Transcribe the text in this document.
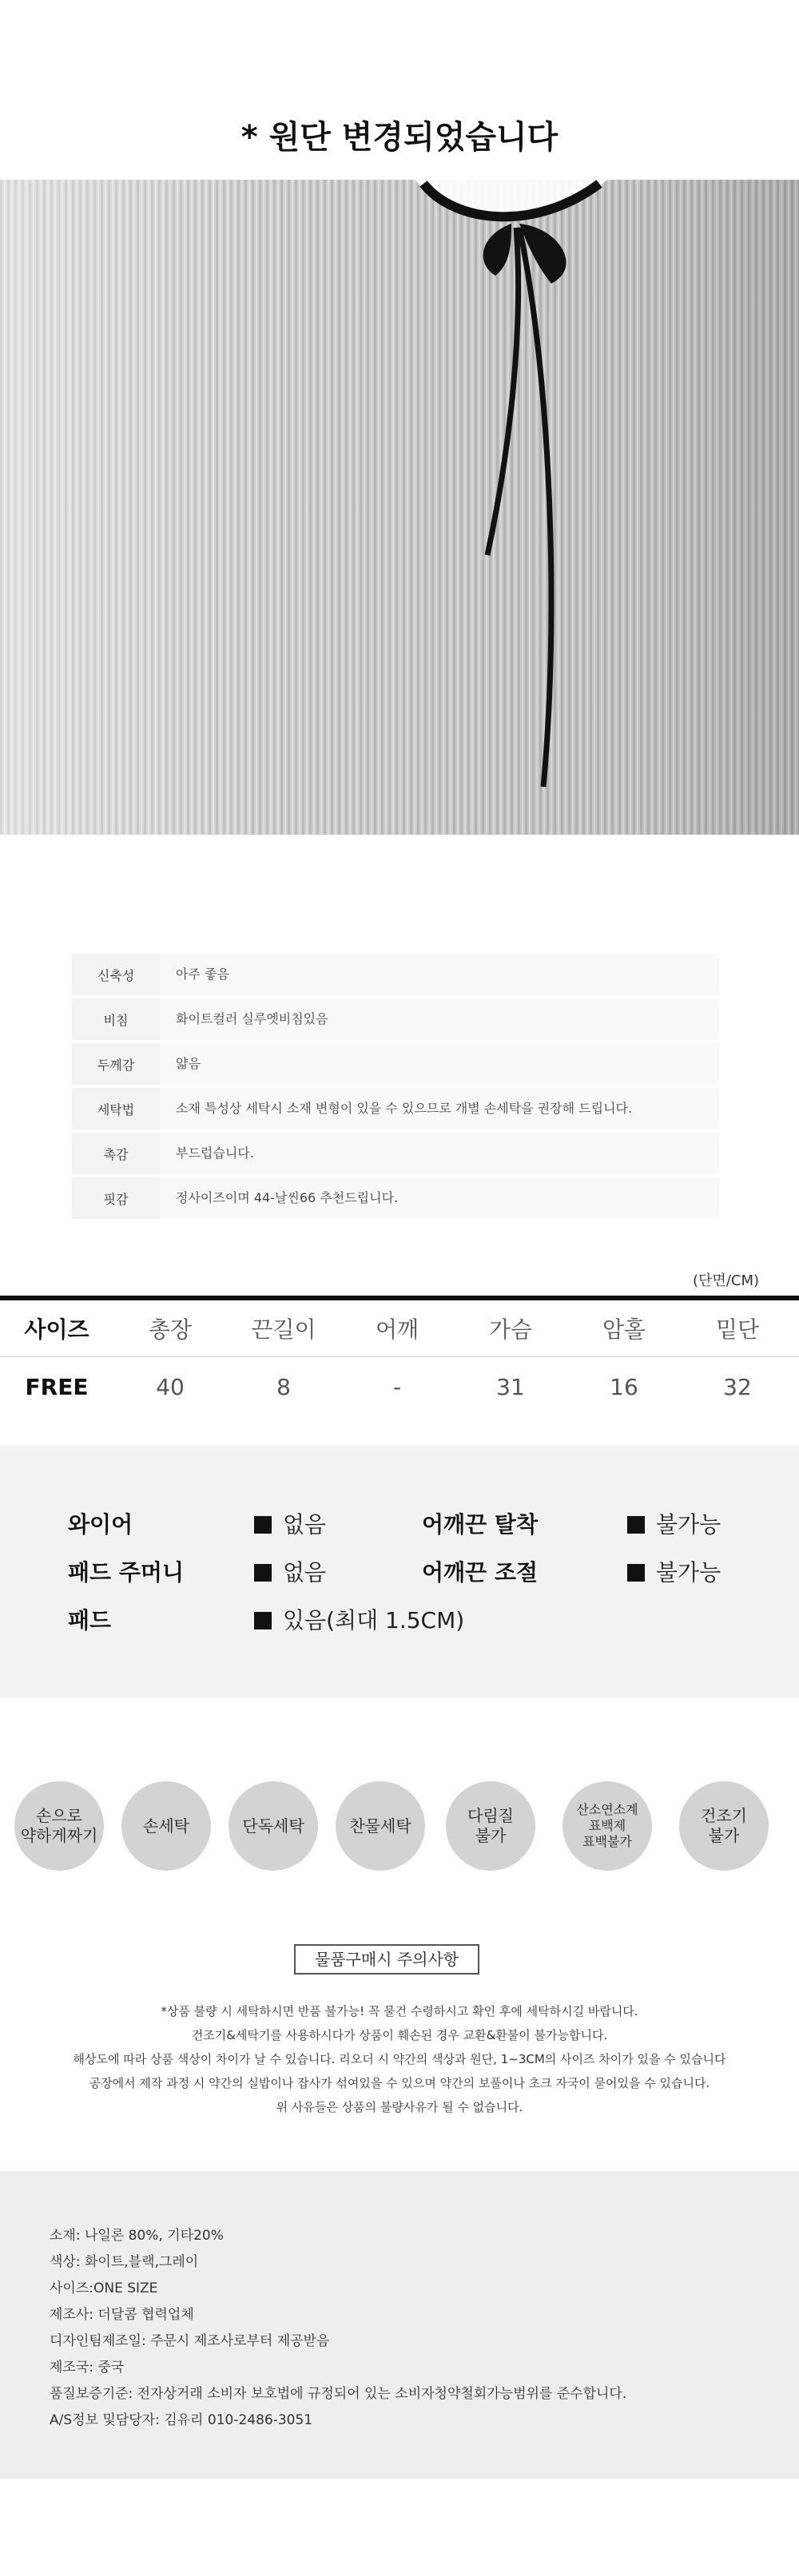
* 원단 변경되었습니다
신축성	아주 좋음
비침	화이트컬러 실루엣비침있음
두께감	얇음
세탁법	소재 특성상 세탁시 소재 변형이 있을 수 있으므로 개별 손세탁을 권장해 드립니다.
촉감	부드럽습니다.
핏감	정사이즈이며 44-날씬66 추천드립니다.
(단면/CM)
사이즈	총장	끈길이	어깨	가슴	암홀	밑단
FREE	40	8	-	31	16	32
와이어	없음	어깨끈 탈착	불가능
패드 주머니	없음	어깨끈 조절	불가능
패드	있음(최대 1.5CM)
손으로
약하게짜기
손세탁	단독세탁	찬물세탁
다림질
불가
산소연소계
표백제
표백불가
건조기
불가
물품구매시 주의사항
*상품 불량 시 세탁하시면 반품 불가능! 꼭 물건 수령하시고 확인 후에 세탁하시길 바랍니다.
건조기&세탁기를 사용하시다가 상품이 훼손된 경우 교환&환불이 불가능합니다.
해상도에 따라 상품 색상이 차이가 날 수 있습니다. 리오더 시 약간의 색상과 원단, 1~3CM의 사이즈 차이가 있을 수 있습니다
공장에서 제작 과정 시 약간의 실밥이나 잡사가 섞여있을 수 있으며 약간의 보풀이나 초크 자국이 묻어있을 수 있습니다.
위 사유들은 상품의 불량사유가 될 수 없습니다.
소재: 나일론 80%, 기타20%
색상: 화이트,블랙,그레이
사이즈:ONE SIZE
제조사: 더달콤 협력업체
디자인팀제조일: 주문시 제조사로부터 제공받음
제조국: 중국
품질보증기준: 전자상거래 소비자 보호법에 규정되어 있는 소비자청약철회가능범위를 준수합니다.
A/S정보 및담당자: 김유리 010-2486-3051
